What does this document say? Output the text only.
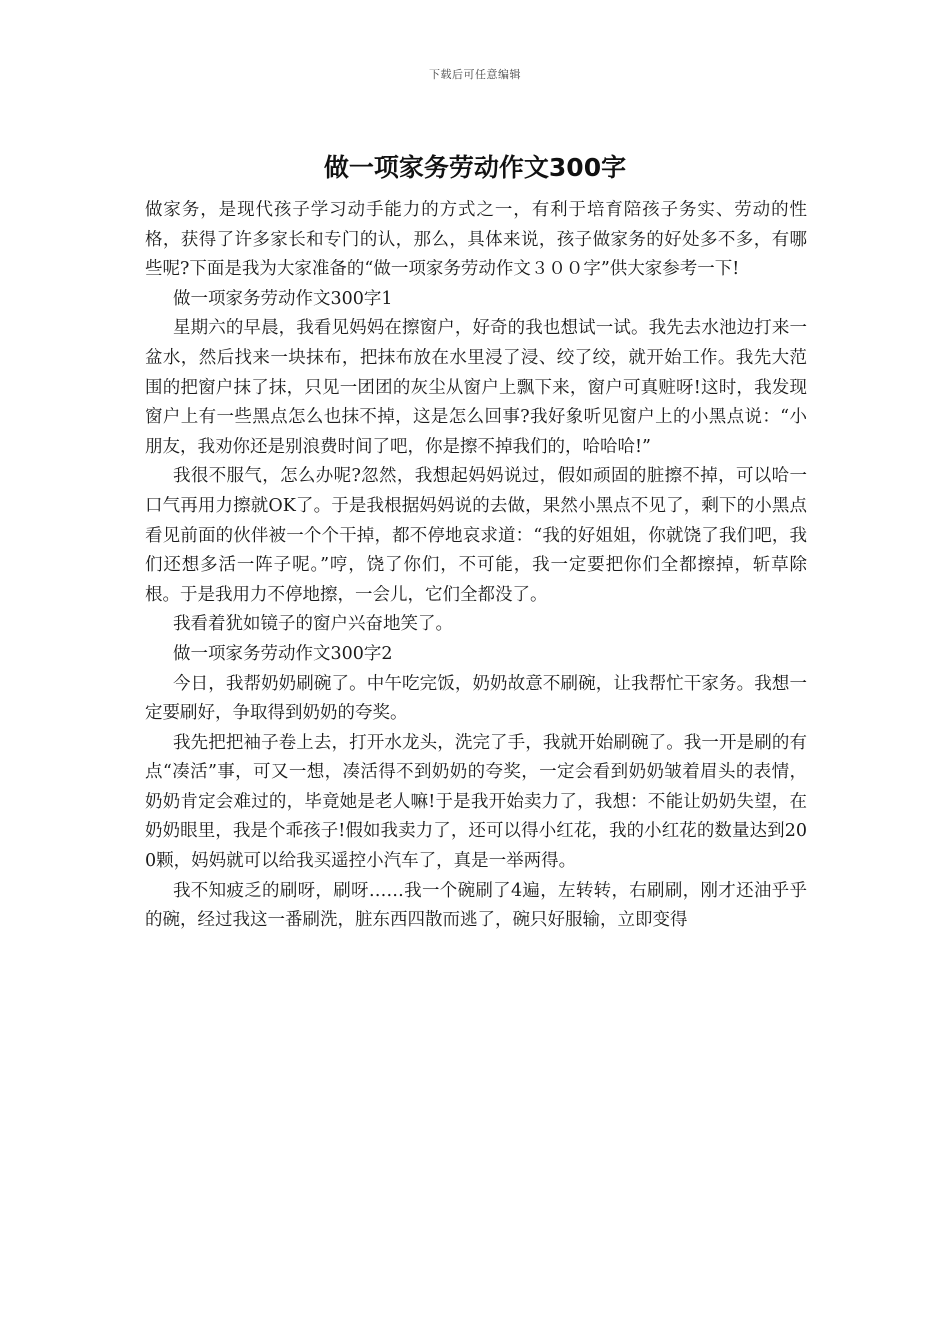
下载后可任意编辑
做一项家务劳动作文300字

做家务，是现代孩子学习动手能力的方式之一，有利于培育陪孩子务实、劳动的性格，获得了许多家长和专门的认，那么，具体来说，孩子做家务的好处多不多，有哪些呢?下面是我为大家准备的“做一项家务劳动作文３００字”供大家参考一下!

做一项家务劳动作文300字1

星期六的早晨，我看见妈妈在擦窗户，好奇的我也想试一试。我先去水池边打来一盆水，然后找来一块抹布，把抹布放在水里浸了浸、绞了绞，就开始工作。我先大范围的把窗户抹了抹，只见一团团的灰尘从窗户上飘下来，窗户可真赃呀!这时，我发现窗户上有一些黑点怎么也抹不掉，这是怎么回事?我好象听见窗户上的小黑点说：“小朋友，我劝你还是别浪费时间了吧，你是擦不掉我们的，哈哈哈!”

我很不服气，怎么办呢?忽然，我想起妈妈说过，假如顽固的脏擦不掉，可以哈一口气再用力擦就OK了。于是我根据妈妈说的去做，果然小黑点不见了，剩下的小黑点看见前面的伙伴被一个个干掉，都不停地哀求道：“我的好姐姐，你就饶了我们吧，我们还想多活一阵子呢。”哼，饶了你们，不可能，我一定要把你们全都擦掉，斩草除根。于是我用力不停地擦，一会儿，它们全都没了。

我看着犹如镜子的窗户兴奋地笑了。

做一项家务劳动作文300字2

今日，我帮奶奶刷碗了。中午吃完饭，奶奶故意不刷碗，让我帮忙干家务。我想一定要刷好，争取得到奶奶的夸奖。

我先把把袖子卷上去，打开水龙头，洗完了手，我就开始刷碗了。我一开是刷的有点“凑活”事，可又一想，凑活得不到奶奶的夸奖，一定会看到奶奶皱着眉头的表情，奶奶肯定会难过的，毕竟她是老人嘛!于是我开始卖力了，我想：不能让奶奶失望，在奶奶眼里，我是个乖孩子!假如我卖力了，还可以得小红花，我的小红花的数量达到200颗，妈妈就可以给我买遥控小汽车了，真是一举两得。

我不知疲乏的刷呀，刷呀……我一个碗刷了4遍，左转转，右刷刷，刚才还油乎乎的碗，经过我这一番刷洗，脏东西四散而逃了，碗只好服输，立即变得
